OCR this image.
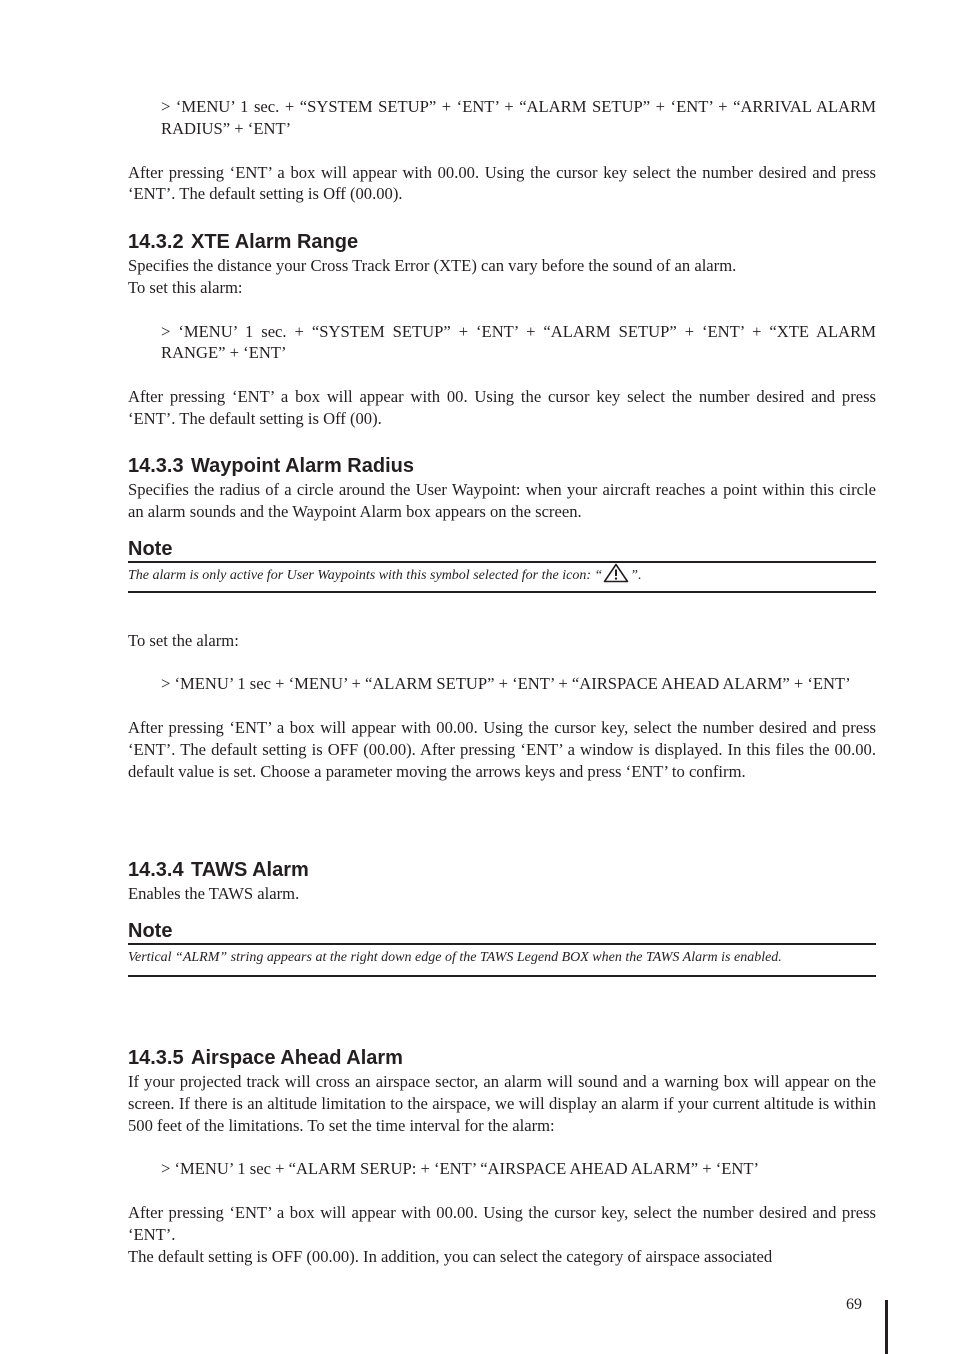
> ‘MENU’ 1 sec. + “SYSTEM SETUP” + ‘ENT’ + “ALARM SETUP” + ‘ENT’ + “ARRIVAL ALARM RADIUS” + ‘ENT’

After pressing ‘ENT’ a box will appear with 00.00. Using the cursor key select the number desired and press ‘ENT’. The default setting is Off (00.00).

14.3.2 XTE Alarm Range

Specifies the distance your Cross Track Error (XTE) can vary before the sound of an alarm.

To set this alarm:

> ‘MENU’ 1 sec. + “SYSTEM SETUP” + ‘ENT’ + “ALARM SETUP” + ‘ENT’ + “XTE ALARM RANGE” + ‘ENT’

After pressing ‘ENT’ a box will appear with 00. Using the cursor key select the number desired and press ‘ENT’. The default setting is Off (00).

14.3.3 Waypoint Alarm Radius

Specifies the radius of a circle around the User Waypoint: when your aircraft reaches a point within this circle an alarm sounds and the Waypoint Alarm box appears on the screen.

Note
The alarm is only active for User Waypoints with this symbol selected for the icon: “ ”.

To set the alarm:

> ‘MENU’ 1 sec + ‘MENU’ + “ALARM SETUP” + ‘ENT’ + “AIRSPACE AHEAD ALARM” + ‘ENT’

After pressing ‘ENT’ a box will appear with 00.00. Using the cursor key, select the number desired and press ‘ENT’. The default setting is OFF (00.00). After pressing ‘ENT’ a window is displayed. In this files the 00.00. default value is set. Choose a parameter moving the arrows keys and press ‘ENT’ to confirm.

14.3.4 TAWS Alarm

Enables the TAWS alarm.

Note
Vertical “ALRM” string appears at the right down edge of the TAWS Legend BOX when the TAWS Alarm is enabled.
14.3.5 Airspace Ahead Alarm

If your projected track will cross an airspace sector, an alarm will sound and a warning box will appear on the screen. If there is an altitude limitation to the airspace, we will display an alarm if your current altitude is within 500 feet of the limitations. To set the time interval for the alarm:

> ‘MENU’ 1 sec + “ALARM SERUP: + ‘ENT’ “AIRSPACE AHEAD ALARM” + ‘ENT’

After pressing ‘ENT’ a box will appear with 00.00. Using the cursor key, select the number desired and press ‘ENT’.

The default setting is OFF (00.00). In addition, you can select the category of airspace associated

69
